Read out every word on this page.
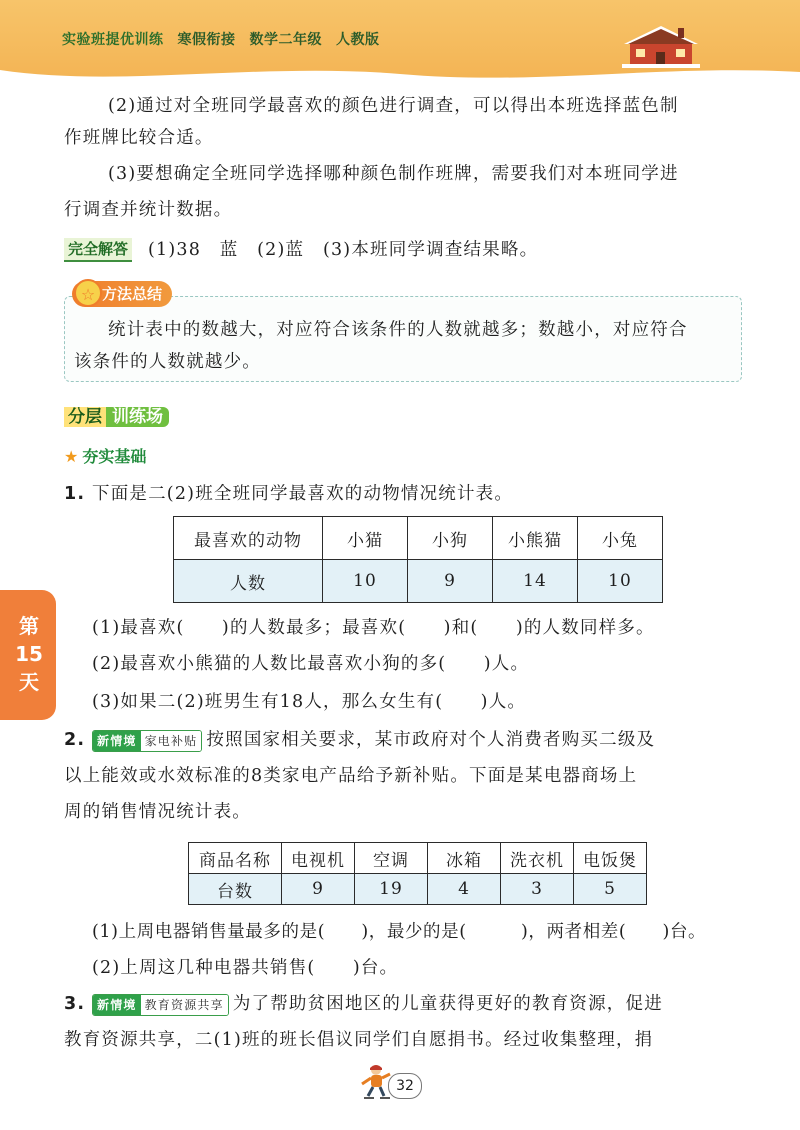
实验班提优训练 寒假衔接 数学二年级 人教版
(2)通过对全班同学最喜欢的颜色进行调查，可以得出本班选择蓝色制
作班牌比较合适。
(3)要想确定全班同学选择哪种颜色制作班牌，需要我们对本班同学进
行调查并统计数据。
完全解答 (1)38　蓝　(2)蓝　(3)本班同学调查结果略。
方法总结
☆
统计表中的数越大，对应符合该条件的人数就越多；数越小，对应符合
该条件的人数就越少。
分层 训练场
★ 夯实基础
第
15
天
1. 下面是二(2)班全班同学最喜欢的动物情况统计表。
最喜欢的动物	小猫	小狗	小熊猫	小兔
人数	10	9	14	10
(1)最喜欢(　　)的人数最多；最喜欢(　　)和(　　)的人数同样多。
(2)最喜欢小熊猫的人数比最喜欢小狗的多(　　)人。
(3)如果二(2)班男生有18人，那么女生有(　　)人。
2. 新情境 家电补贴 按照国家相关要求，某市政府对个人消费者购买二级及
以上能效或水效标准的8类家电产品给予新补贴。下面是某电器商场上
周的销售情况统计表。
商品名称	电视机	空调	冰箱	洗衣机	电饭煲
台数	9	19	4	3	5
(1)上周电器销售量最多的是(　　)，最少的是(　　　)，两者相差(　　)台。
(2)上周这几种电器共销售(　　)台。
3. 新情境 教育资源共享 为了帮助贫困地区的儿童获得更好的教育资源，促进
教育资源共享，二(1)班的班长倡议同学们自愿捐书。经过收集整理，捐
32
